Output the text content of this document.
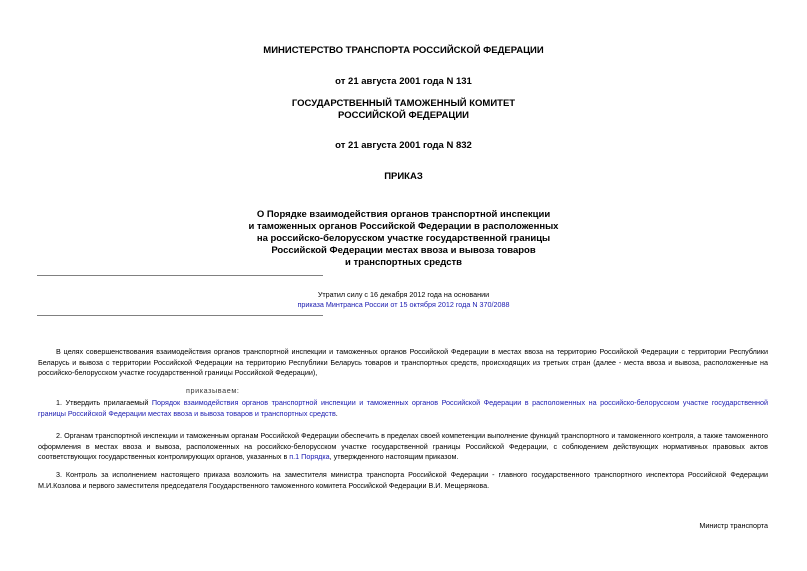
МИНИСТЕРСТВО ТРАНСПОРТА РОССИЙСКОЙ ФЕДЕРАЦИИ
от 21 августа 2001 года N 131
ГОСУДАРСТВЕННЫЙ ТАМОЖЕННЫЙ КОМИТЕТ
РОССИЙСКОЙ ФЕДЕРАЦИИ
от 21 августа 2001 года N 832
ПРИКАЗ
О Порядке взаимодействия органов транспортной инспекции
и таможенных органов Российской Федерации в расположенных
на российско-белорусском участке государственной границы
Российской Федерации местах ввоза и вывоза товаров
и транспортных средств
Утратил силу с 16 декабря 2012 года на основании
приказа Минтранса России от 15 октября 2012 года N 370/2088
В целях совершенствования взаимодействия органов транспортной инспекции и таможенных органов Российской Федерации в местах ввоза на территорию Российской Федерации с территории Республики Беларусь и вывоза с территории Российской Федерации на территорию Республики Беларусь товаров и транспортных средств, происходящих из третьих стран (далее - места ввоза и вывоза, расположенные на российско-белорусском участке государственной границы Российской Федерации),
приказываем:
1. Утвердить прилагаемый Порядок взаимодействия органов транспортной инспекции и таможенных органов Российской Федерации в расположенных на российско-белорусском участке государственной границы Российской Федерации местах ввоза и вывоза товаров и транспортных средств.
2. Органам транспортной инспекции и таможенным органам Российской Федерации обеспечить в пределах своей компетенции выполнение функций транспортного и таможенного контроля, а также таможенного оформления в местах ввоза и вывоза, расположенных на российско-белорусском участке государственной границы Российской Федерации, с соблюдением действующих нормативных правовых актов соответствующих государственных контролирующих органов, указанных в п.1 Порядка, утвержденного настоящим приказом.
3. Контроль за исполнением настоящего приказа возложить на заместителя министра транспорта Российской Федерации - главного государственного транспортного инспектора Российской Федерации М.И.Козлова и первого заместителя председателя Государственного таможенного комитета Российской Федерации В.И. Мещерякова.
Министр транспорта
